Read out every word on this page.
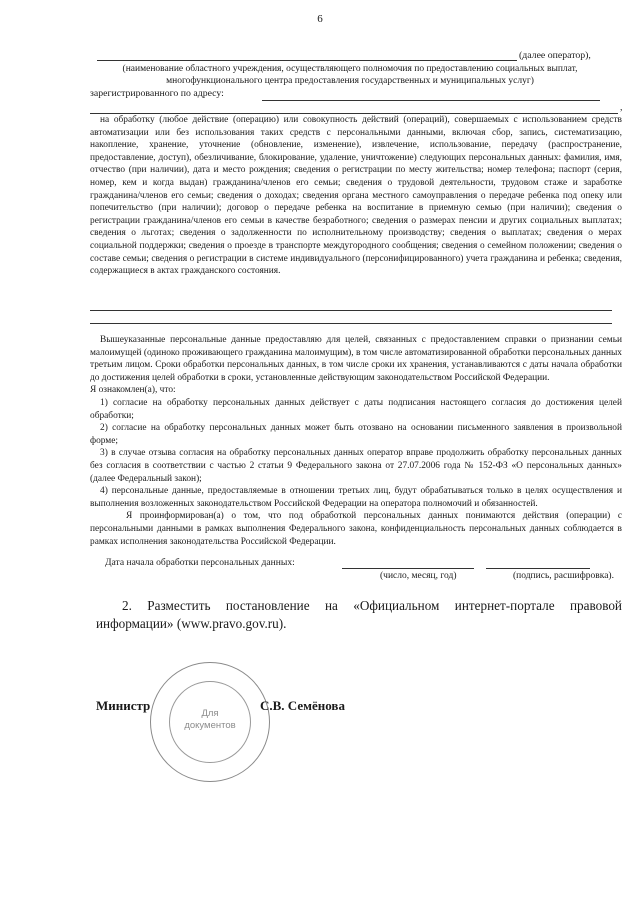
6
(далее оператор),
(наименование областного учреждения, осуществляющего полномочия по предоставлению социальных выплат,
многофункционального центра предоставления государственных и муниципальных услуг)
зарегистрированного по адресу:
,

на обработку (любое действие (операцию) или совокупность действий (операций), совершаемых с использованием средств автоматизации или без использования таких средств с персональными данными, включая сбор, запись, систематизацию, накопление, хранение, уточнение (обновление, изменение), извлечение, использование, передачу (распространение, предоставление, доступ), обезличивание, блокирование, удаление, уничтожение) следующих персональных данных: фамилия, имя, отчество (при наличии), дата и место рождения; сведения о регистрации по месту жительства; номер телефона; паспорт (серия, номер, кем и когда выдан) гражданина/членов его семьи; сведения о трудовой деятельности, трудовом стаже и заработке гражданина/членов его семьи; сведения о доходах; сведения органа местного самоуправления о передаче ребенка под опеку или попечительство (при наличии); договор о передаче ребенка на воспитание в приемную семью (при наличии); сведения о регистрации гражданина/членов его семьи в качестве безработного; сведения о размерах пенсии и других социальных выплатах; сведения о льготах; сведения о задолженности по исполнительному производству; сведения о выплатах; сведения о мерах социальной поддержки; сведения о проезде в транспорте междугородного сообщения; сведения о семейном положении; сведения о составе семьи; сведения о регистрации в системе индивидуального (персонифицированного) учета гражданина и ребенка; сведения, содержащиеся в актах гражданского состояния.

Вышеуказанные персональные данные предоставляю для целей, связанных с предоставлением справки о признании семьи малоимущей (одиноко проживающего гражданина малоимущим), в том числе автоматизированной обработки персональных данных третьим лицом. Сроки обработки персональных данных, в том числе сроки их хранения, устанавливаются с даты начала обработки до достижения целей обработки в сроки, установленные действующим законодательством Российской Федерации.

Я ознакомлен(а), что:

1) согласие на обработку персональных данных действует с даты подписания настоящего согласия до достижения целей обработки;

2) согласие на обработку персональных данных может быть отозвано на основании письменного заявления в произвольной форме;

3) в случае отзыва согласия на обработку персональных данных оператор вправе продолжить обработку персональных данных без согласия в соответствии с частью 2 статьи 9 Федерального закона от 27.07.2006 года № 152-ФЗ «О персональных данных» (далее Федеральный закон);

4) персональные данные, предоставляемые в отношении третьих лиц, будут обрабатываться только в целях осуществления и выполнения возложенных законодательством Российской Федерации на оператора полномочий и обязанностей.

Я проинформирован(а) о том, что под обработкой персональных данных понимаются действия (операции) с персональными данными в рамках выполнения Федерального закона, конфиденциальность персональных данных соблюдается в рамках исполнения законодательства Российской Федерации.

Дата начала обработки персональных данных:
(число, месяц, год)	(подпись, расшифровка).
2. Разместить постановление на «Официальном интернет-портале правовой информации» (www.pravo.gov.ru).
Для
документов
Министр	С.В. Семёнова
